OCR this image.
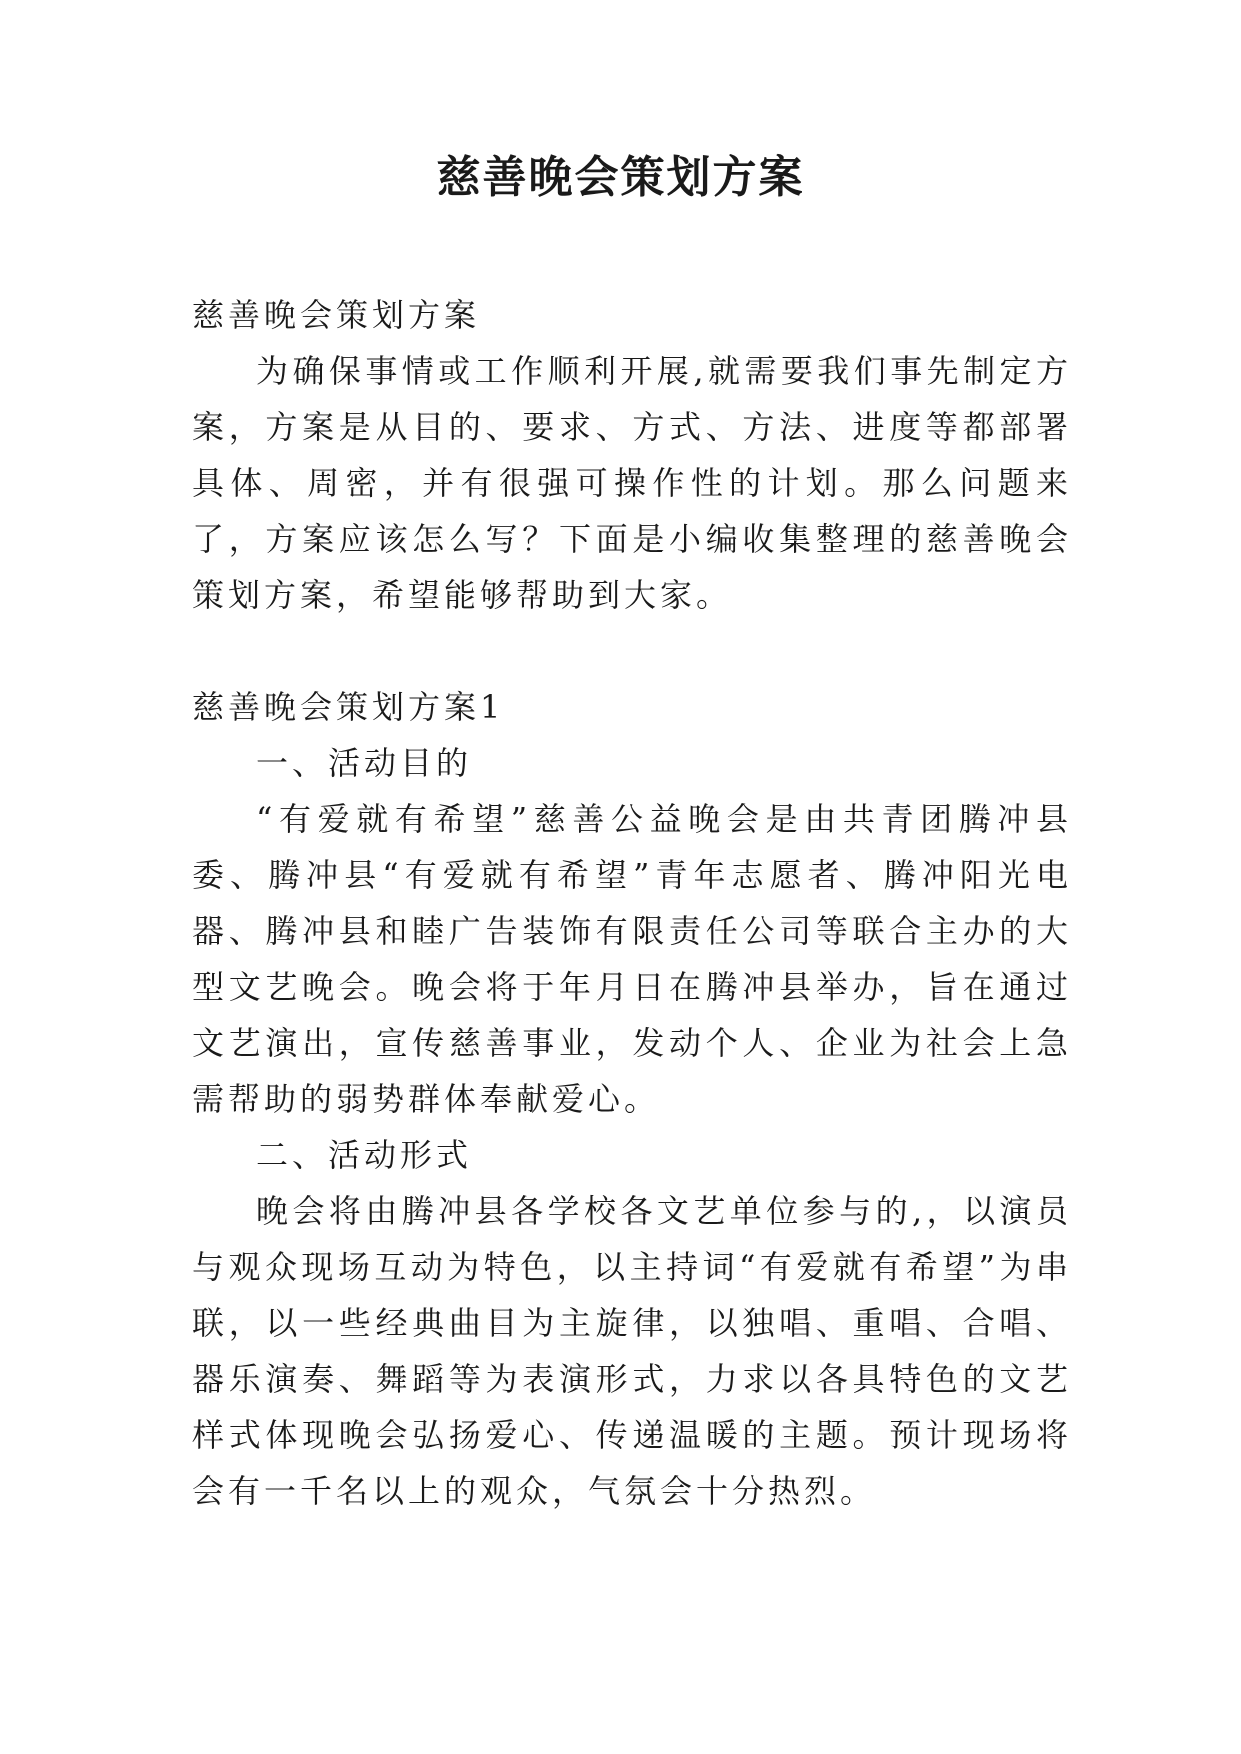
慈善晚会策划方案

慈善晚会策划方案

为确保事情或工作顺利开展,就需要我们事先制定方案，方案是从目的、要求、方式、方法、进度等都部署具体、周密，并有很强可操作性的计划。那么问题来了，方案应该怎么写？下面是小编收集整理的慈善晚会策划方案，希望能够帮助到大家。

慈善晚会策划方案1

一、活动目的

“有爱就有希望”慈善公益晚会是由共青团腾冲县委、腾冲县“有爱就有希望”青年志愿者、腾冲阳光电器、腾冲县和睦广告装饰有限责任公司等联合主办的大型文艺晚会。晚会将于年月日在腾冲县举办，旨在通过文艺演出，宣传慈善事业，发动个人、企业为社会上急需帮助的弱势群体奉献爱心。

二、活动形式

晚会将由腾冲县各学校各文艺单位参与的,，以演员与观众现场互动为特色，以主持词“有爱就有希望”为串联，以一些经典曲目为主旋律，以独唱、重唱、合唱、器乐演奏、舞蹈等为表演形式，力求以各具特色的文艺样式体现晚会弘扬爱心、传递温暖的主题。预计现场将会有一千名以上的观众，气氛会十分热烈。
